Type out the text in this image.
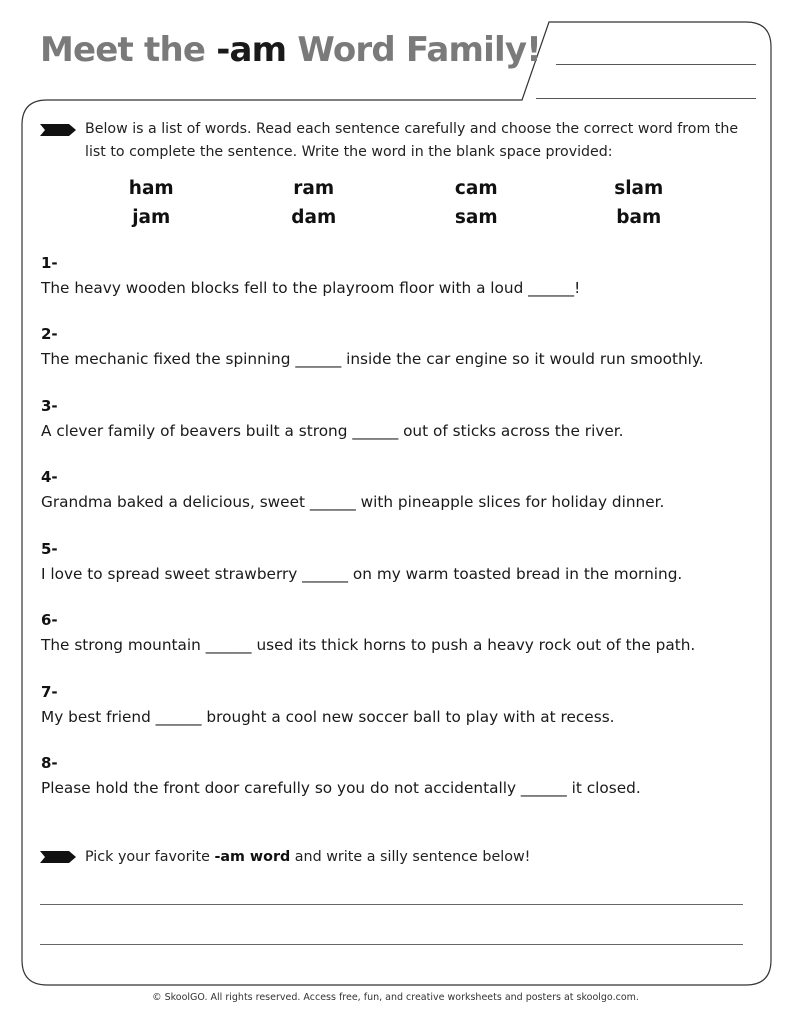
Meet the -am Word Family!
Below is a list of words. Read each sentence carefully and choose the correct word from the list to complete the sentence. Write the word in the blank space provided:
ham	ram	cam	slam
jam	dam	sam	bam
1-
The heavy wooden blocks fell to the playroom floor with a loud ______!
2-
The mechanic fixed the spinning ______ inside the car engine so it would run smoothly.
3-
A clever family of beavers built a strong ______ out of sticks across the river.
4-
Grandma baked a delicious, sweet ______ with pineapple slices for holiday dinner.
5-
I love to spread sweet strawberry ______ on my warm toasted bread in the morning.
6-
The strong mountain ______ used its thick horns to push a heavy rock out of the path.
7-
My best friend ______ brought a cool new soccer ball to play with at recess.
8-
Please hold the front door carefully so you do not accidentally ______ it closed.
Pick your favorite -am word and write a silly sentence below!
© SkoolGO. All rights reserved. Access free, fun, and creative worksheets and posters at skoolgo.com.
